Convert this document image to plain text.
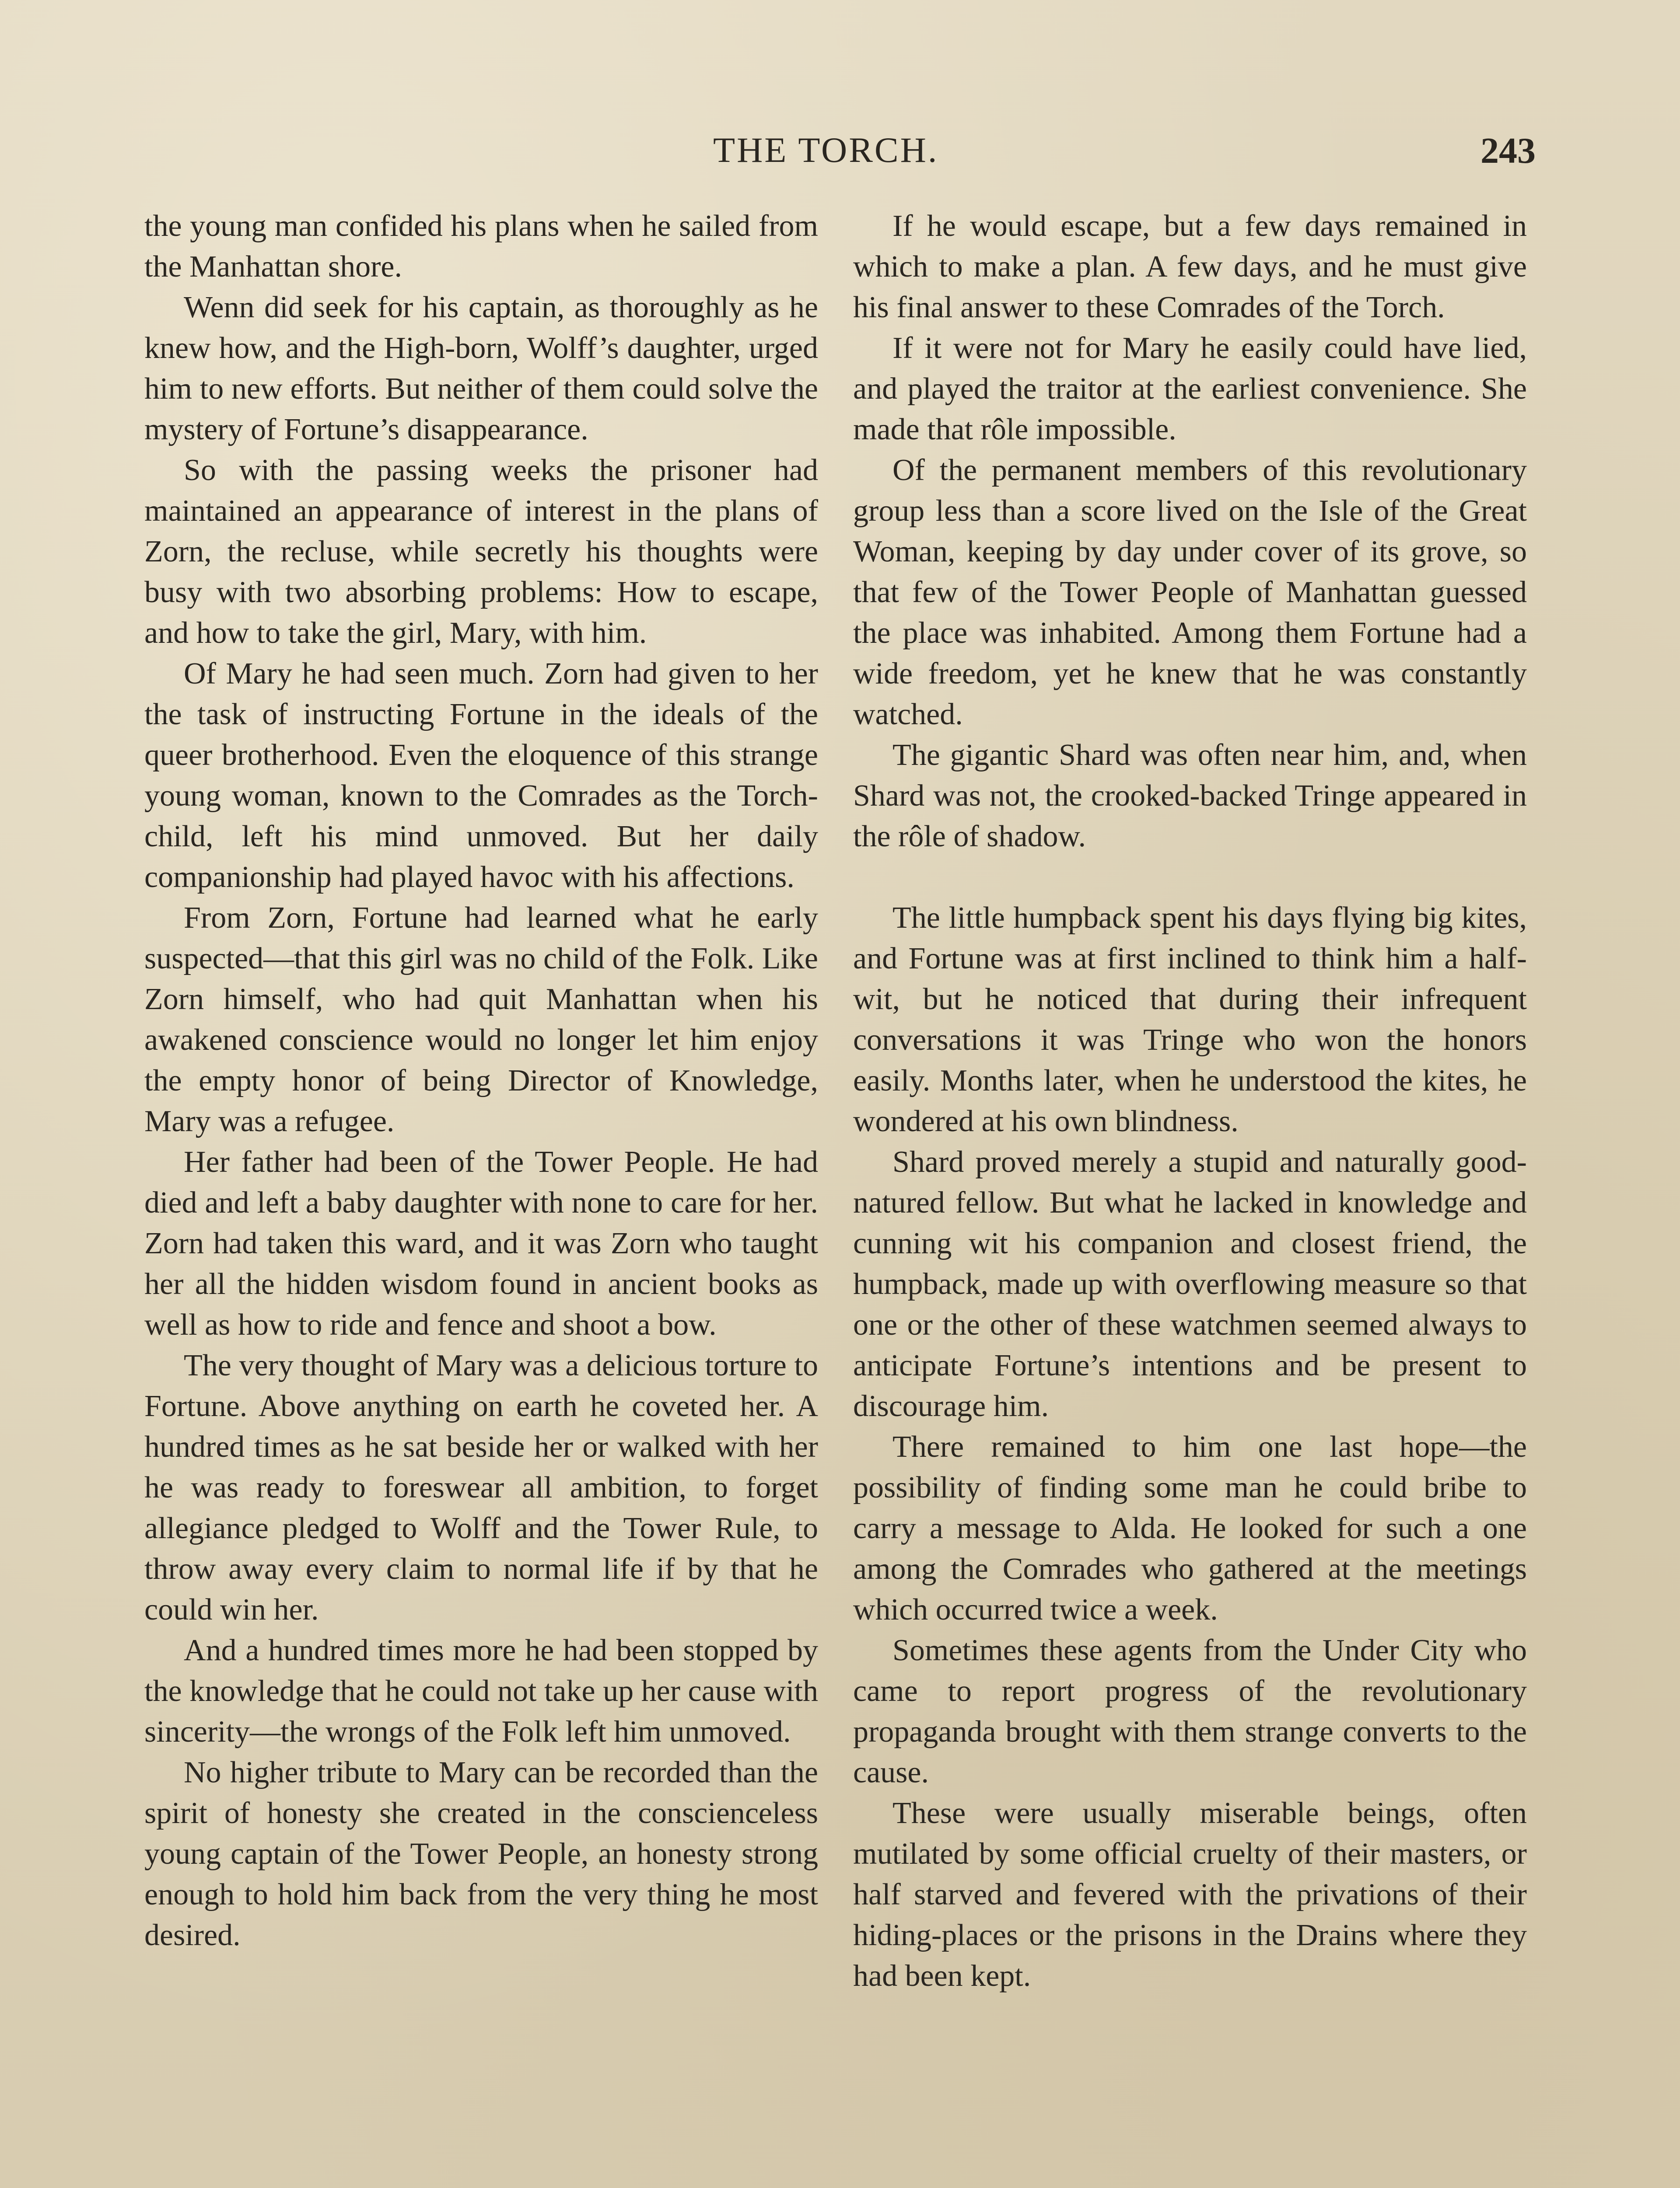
THE TORCH.	243

the young man confided his plans when he sailed from the Manhattan shore.

Wenn did seek for his captain, as thoroughly as he knew how, and the High-born, Wolff’s daughter, urged him to new efforts. But neither of them could solve the mystery of Fortune’s disappearance.

So with the passing weeks the prisoner had maintained an appearance of interest in the plans of Zorn, the recluse, while secretly his thoughts were busy with two absorbing problems: How to escape, and how to take the girl, Mary, with him.

Of Mary he had seen much. Zorn had given to her the task of instructing Fortune in the ideals of the queer brotherhood. Even the eloquence of this strange young woman, known to the Comrades as the Torch-child, left his mind unmoved. But her daily companionship had played havoc with his affections.

From Zorn, Fortune had learned what he early suspected—that this girl was no child of the Folk. Like Zorn himself, who had quit Manhattan when his awakened conscience would no longer let him enjoy the empty honor of being Director of Knowledge, Mary was a refugee.

Her father had been of the Tower People. He had died and left a baby daughter with none to care for her. Zorn had taken this ward, and it was Zorn who taught her all the hidden wisdom found in ancient books as well as how to ride and fence and shoot a bow.

The very thought of Mary was a delicious torture to Fortune. Above anything on earth he coveted her. A hundred times as he sat beside her or walked with her he was ready to foreswear all ambition, to forget allegiance pledged to Wolff and the Tower Rule, to throw away every claim to normal life if by that he could win her.

And a hundred times more he had been stopped by the knowledge that he could not take up her cause with sincerity—the wrongs of the Folk left him unmoved.

No higher tribute to Mary can be recorded than the spirit of honesty she created in the conscienceless young captain of the Tower People, an honesty strong enough to hold him back from the very thing he most desired.

If he would escape, but a few days remained in which to make a plan. A few days, and he must give his final answer to these Comrades of the Torch.

If it were not for Mary he easily could have lied, and played the traitor at the earliest convenience. She made that rôle impossible.

Of the permanent members of this revolutionary group less than a score lived on the Isle of the Great Woman, keeping by day under cover of its grove, so that few of the Tower People of Manhattan guessed the place was inhabited. Among them Fortune had a wide freedom, yet he knew that he was constantly watched.

The gigantic Shard was often near him, and, when Shard was not, the crooked-backed Tringe appeared in the rôle of shadow.

The little humpback spent his days flying big kites, and Fortune was at first inclined to think him a half-wit, but he noticed that during their infrequent conversations it was Tringe who won the honors easily. Months later, when he understood the kites, he wondered at his own blindness.

Shard proved merely a stupid and naturally good-natured fellow. But what he lacked in knowledge and cunning wit his companion and closest friend, the humpback, made up with overflowing measure so that one or the other of these watchmen seemed always to anticipate Fortune’s intentions and be present to discourage him.

There remained to him one last hope—the possibility of finding some man he could bribe to carry a message to Alda. He looked for such a one among the Comrades who gathered at the meetings which occurred twice a week.

Sometimes these agents from the Under City who came to report progress of the revolutionary propaganda brought with them strange converts to the cause.

These were usually miserable beings, often mutilated by some official cruelty of their masters, or half starved and fevered with the privations of their hiding-places or the prisons in the Drains where they had been kept.
